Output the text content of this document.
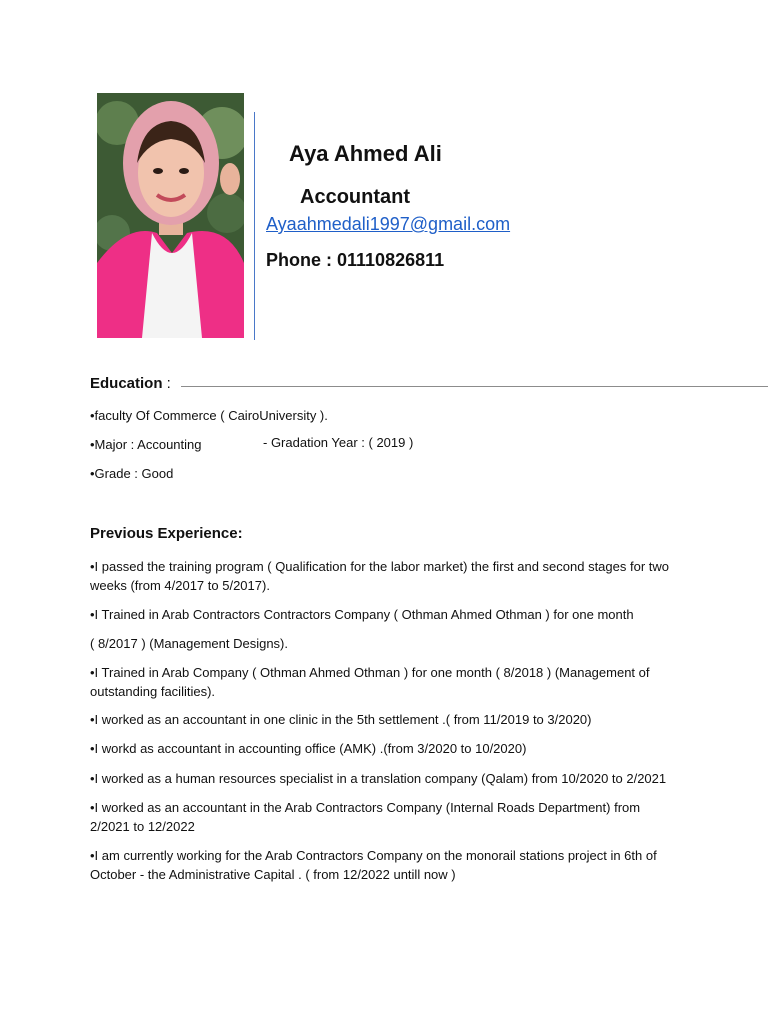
Aya Ahmed Ali
Accountant
Ayaahmedali1997@gmail.com
Phone : 01110826811
Education :
•faculty Of Commerce ( CairoUniversity ).
•Major : Accounting	- Gradation Year : ( 2019 )
•Grade : Good
Previous Experience:
•I passed the training program ( Qualification for the labor market) the first and second stages for two weeks (from 4/2017 to 5/2017).
•I Trained in Arab Contractors Contractors Company ( Othman Ahmed Othman ) for one month
( 8/2017 ) (Management Designs).
•I Trained in Arab Company ( Othman Ahmed Othman ) for one month ( 8/2018 ) (Management of outstanding facilities).
•I worked as an accountant in one clinic in the 5th settlement .( from 11/2019 to 3/2020)
•I workd as accountant in accounting office (AMK) .(from 3/2020 to 10/2020)
•I worked as a human resources specialist in a translation company (Qalam) from 10/2020 to 2/2021
•I worked as an accountant in the Arab Contractors Company (Internal Roads Department) from 2/2021 to 12/2022
•I am currently working for the Arab Contractors Company on the monorail stations project in 6th of October - the Administrative Capital . ( from 12/2022 untill now )
